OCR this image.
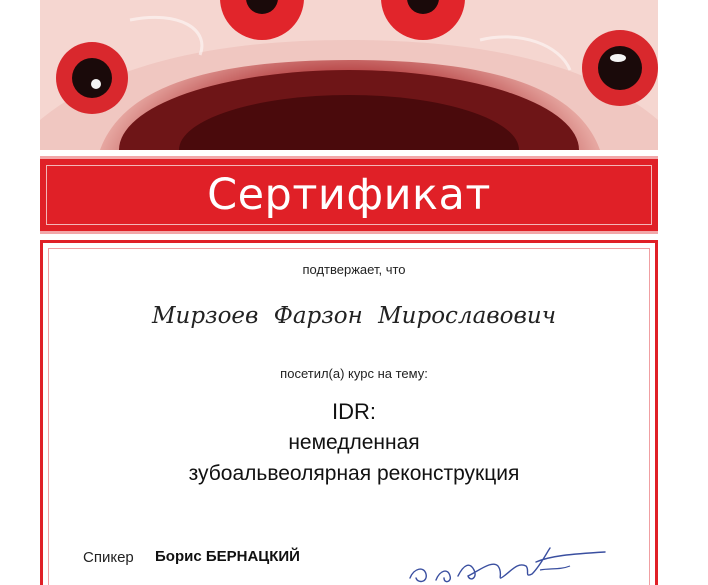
Сертификат
подтвержает, что
Мирзоев Фарзон Мирославович
посетил(а) курс на тему:
IDR:
немедленная
зубоальвеолярная реконструкция
Спикер Борис БЕРНАЦКИЙ
